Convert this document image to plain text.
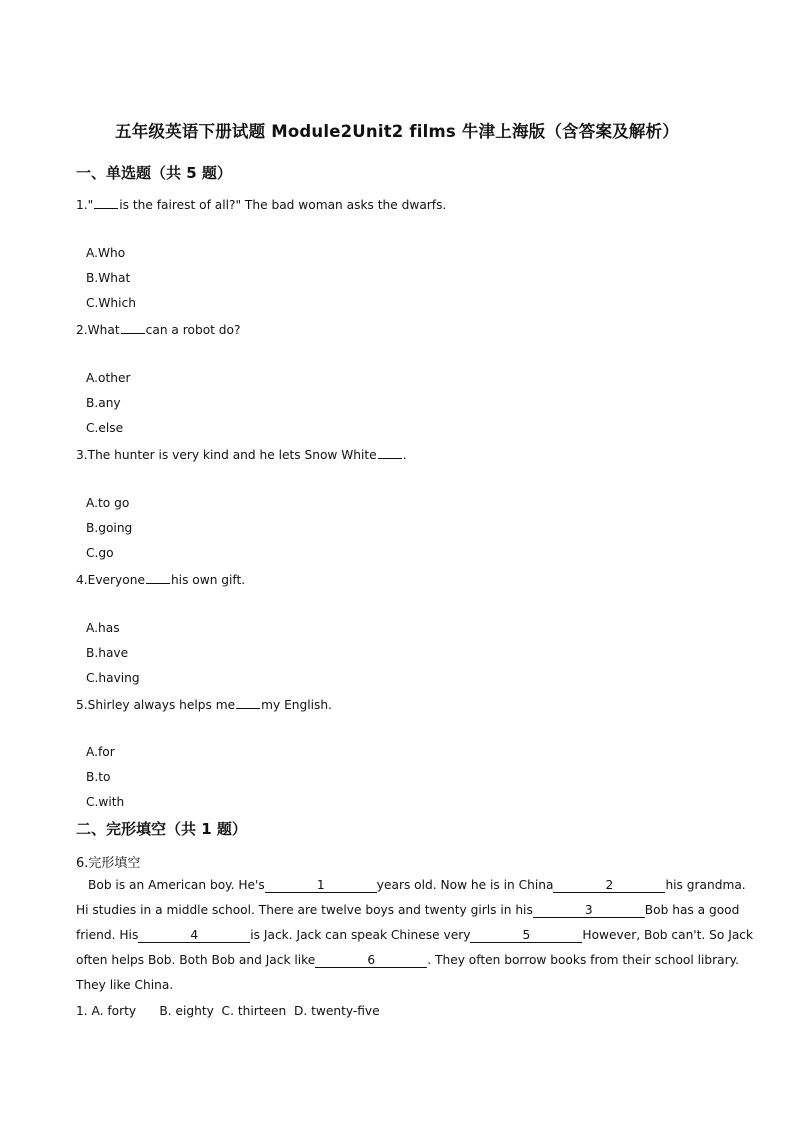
五年级英语下册试题 Module2Unit2 films 牛津上海版（含答案及解析）
一、单选题（共 5 题）
1." is the fairest of all?" The bad woman asks the dwarfs.
A.Who
B.What
C.Which
2.What can a robot do?
A.other
B.any
C.else
3.The hunter is very kind and he lets Snow White .
A.to go
B.going
C.go
4.Everyone his own gift.
A.has
B.have
C.having
5.Shirley always helps me my English.
A.for
B.to
C.with
二、完形填空（共 1 题）
6.完形填空
Bob is an American boy. He's	1	years old. Now he is in China	2	his grandma.
Hi studies in a middle school. There are twelve boys and twenty girls in his	3	Bob has a good
friend. His	4	is Jack. Jack can speak Chinese very	5	However, Bob can't. So Jack
often helps Bob. Both Bob and Jack like	6	. They often borrow books from their school library.
They like China.
1. A. forty      B. eighty  C. thirteen  D. twenty-five
